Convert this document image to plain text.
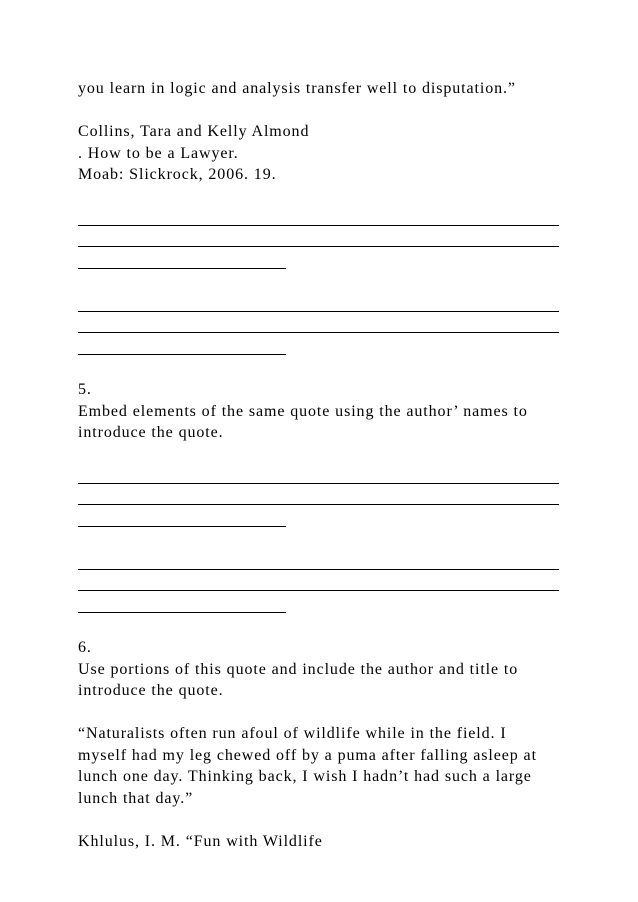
you learn in logic and analysis transfer well to disputation.”

Collins, Tara and Kelly Almond

. How to be a Lawyer.

Moab: Slickrock, 2006. 19.

5.

Embed elements of the same quote using the author’ names to

introduce the quote.

6.

Use portions of this quote and include the author and title to

introduce the quote.

“Naturalists often run afoul of wildlife while in the field. I

myself had my leg chewed off by a puma after falling asleep at

lunch one day. Thinking back, I wish I hadn’t had such a large

lunch that day.”

Khlulus, I. M. “Fun with Wildlife
